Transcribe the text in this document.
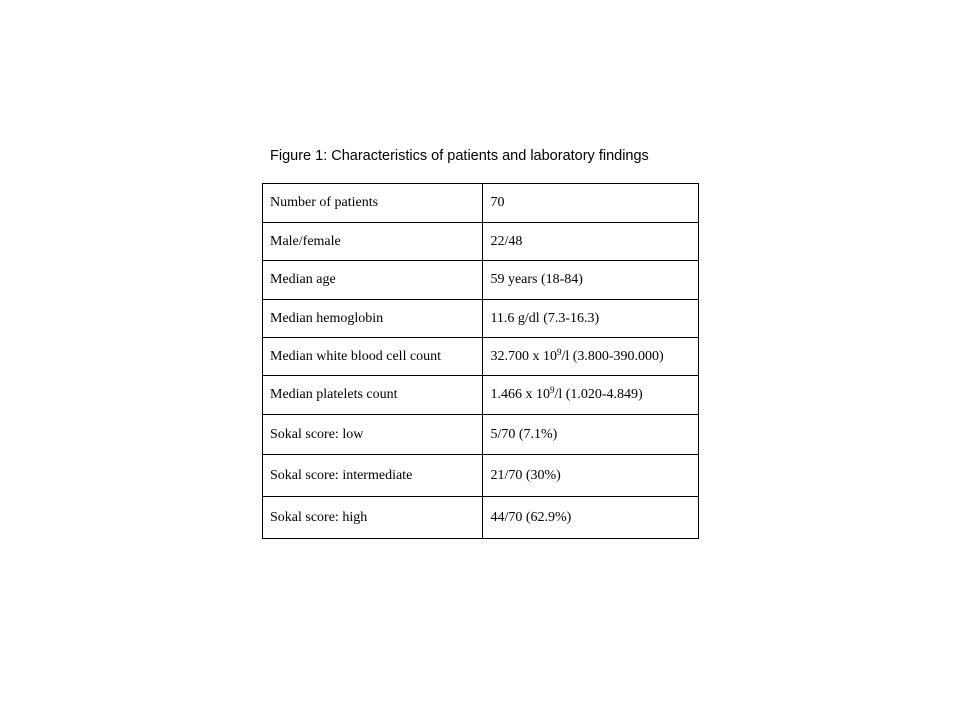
Figure 1: Characteristics of patients and laboratory findings
Number of patients	70
Male/female	22/48
Median age	59 years (18-84)
Median hemoglobin	11.6 g/dl (7.3-16.3)
Median white blood cell count	32.700 x $10^9/l$ (3.800-390.000)
Median platelets count	1.466 x $10^9/l$ (1.020-4.849)
Sokal score: low	5/70 (7.1%)
Sokal score: intermediate	21/70 (30%)
Sokal score: high	44/70 (62.9%)
